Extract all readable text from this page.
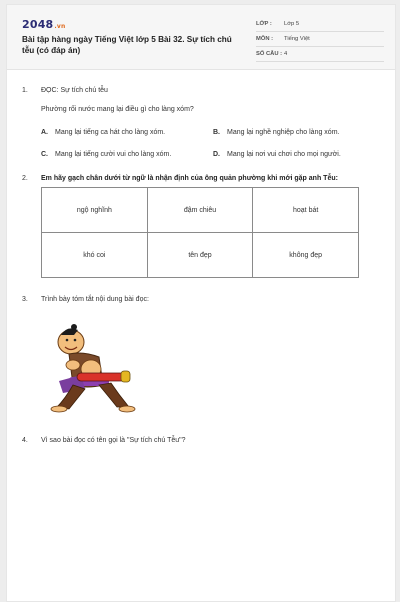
2048.vn
Bài tập hàng ngày Tiếng Việt lớp 5 Bài 32. Sự tích chú tễu (có đáp án)
LỚP : Lớp 5
MÔN : Tiếng Việt
SỐ CÂU : 4
1. ĐỌC: Sự tích chú tễu
Phường rối nước mang lại điều gì cho làng xóm?
A. Mang lại tiếng ca hát cho làng xóm.	B. Mang lại nghề nghiệp cho làng xóm.
C. Mang lại tiếng cười vui cho làng xóm.	D. Mang lại nơi vui chơi cho mọi người.
2. Em hãy gạch chân dưới từ ngữ là nhận định của ông quản phường khi mới gặp anh Tễu:
ngộ nghĩnh	đậm chiêu	hoạt bát
khó coi	tên đẹp	không đẹp
3. Trình bày tóm tắt nội dung bài đọc:
4. Vì sao bài đọc có tên gọi là "Sự tích chú Tễu"?
